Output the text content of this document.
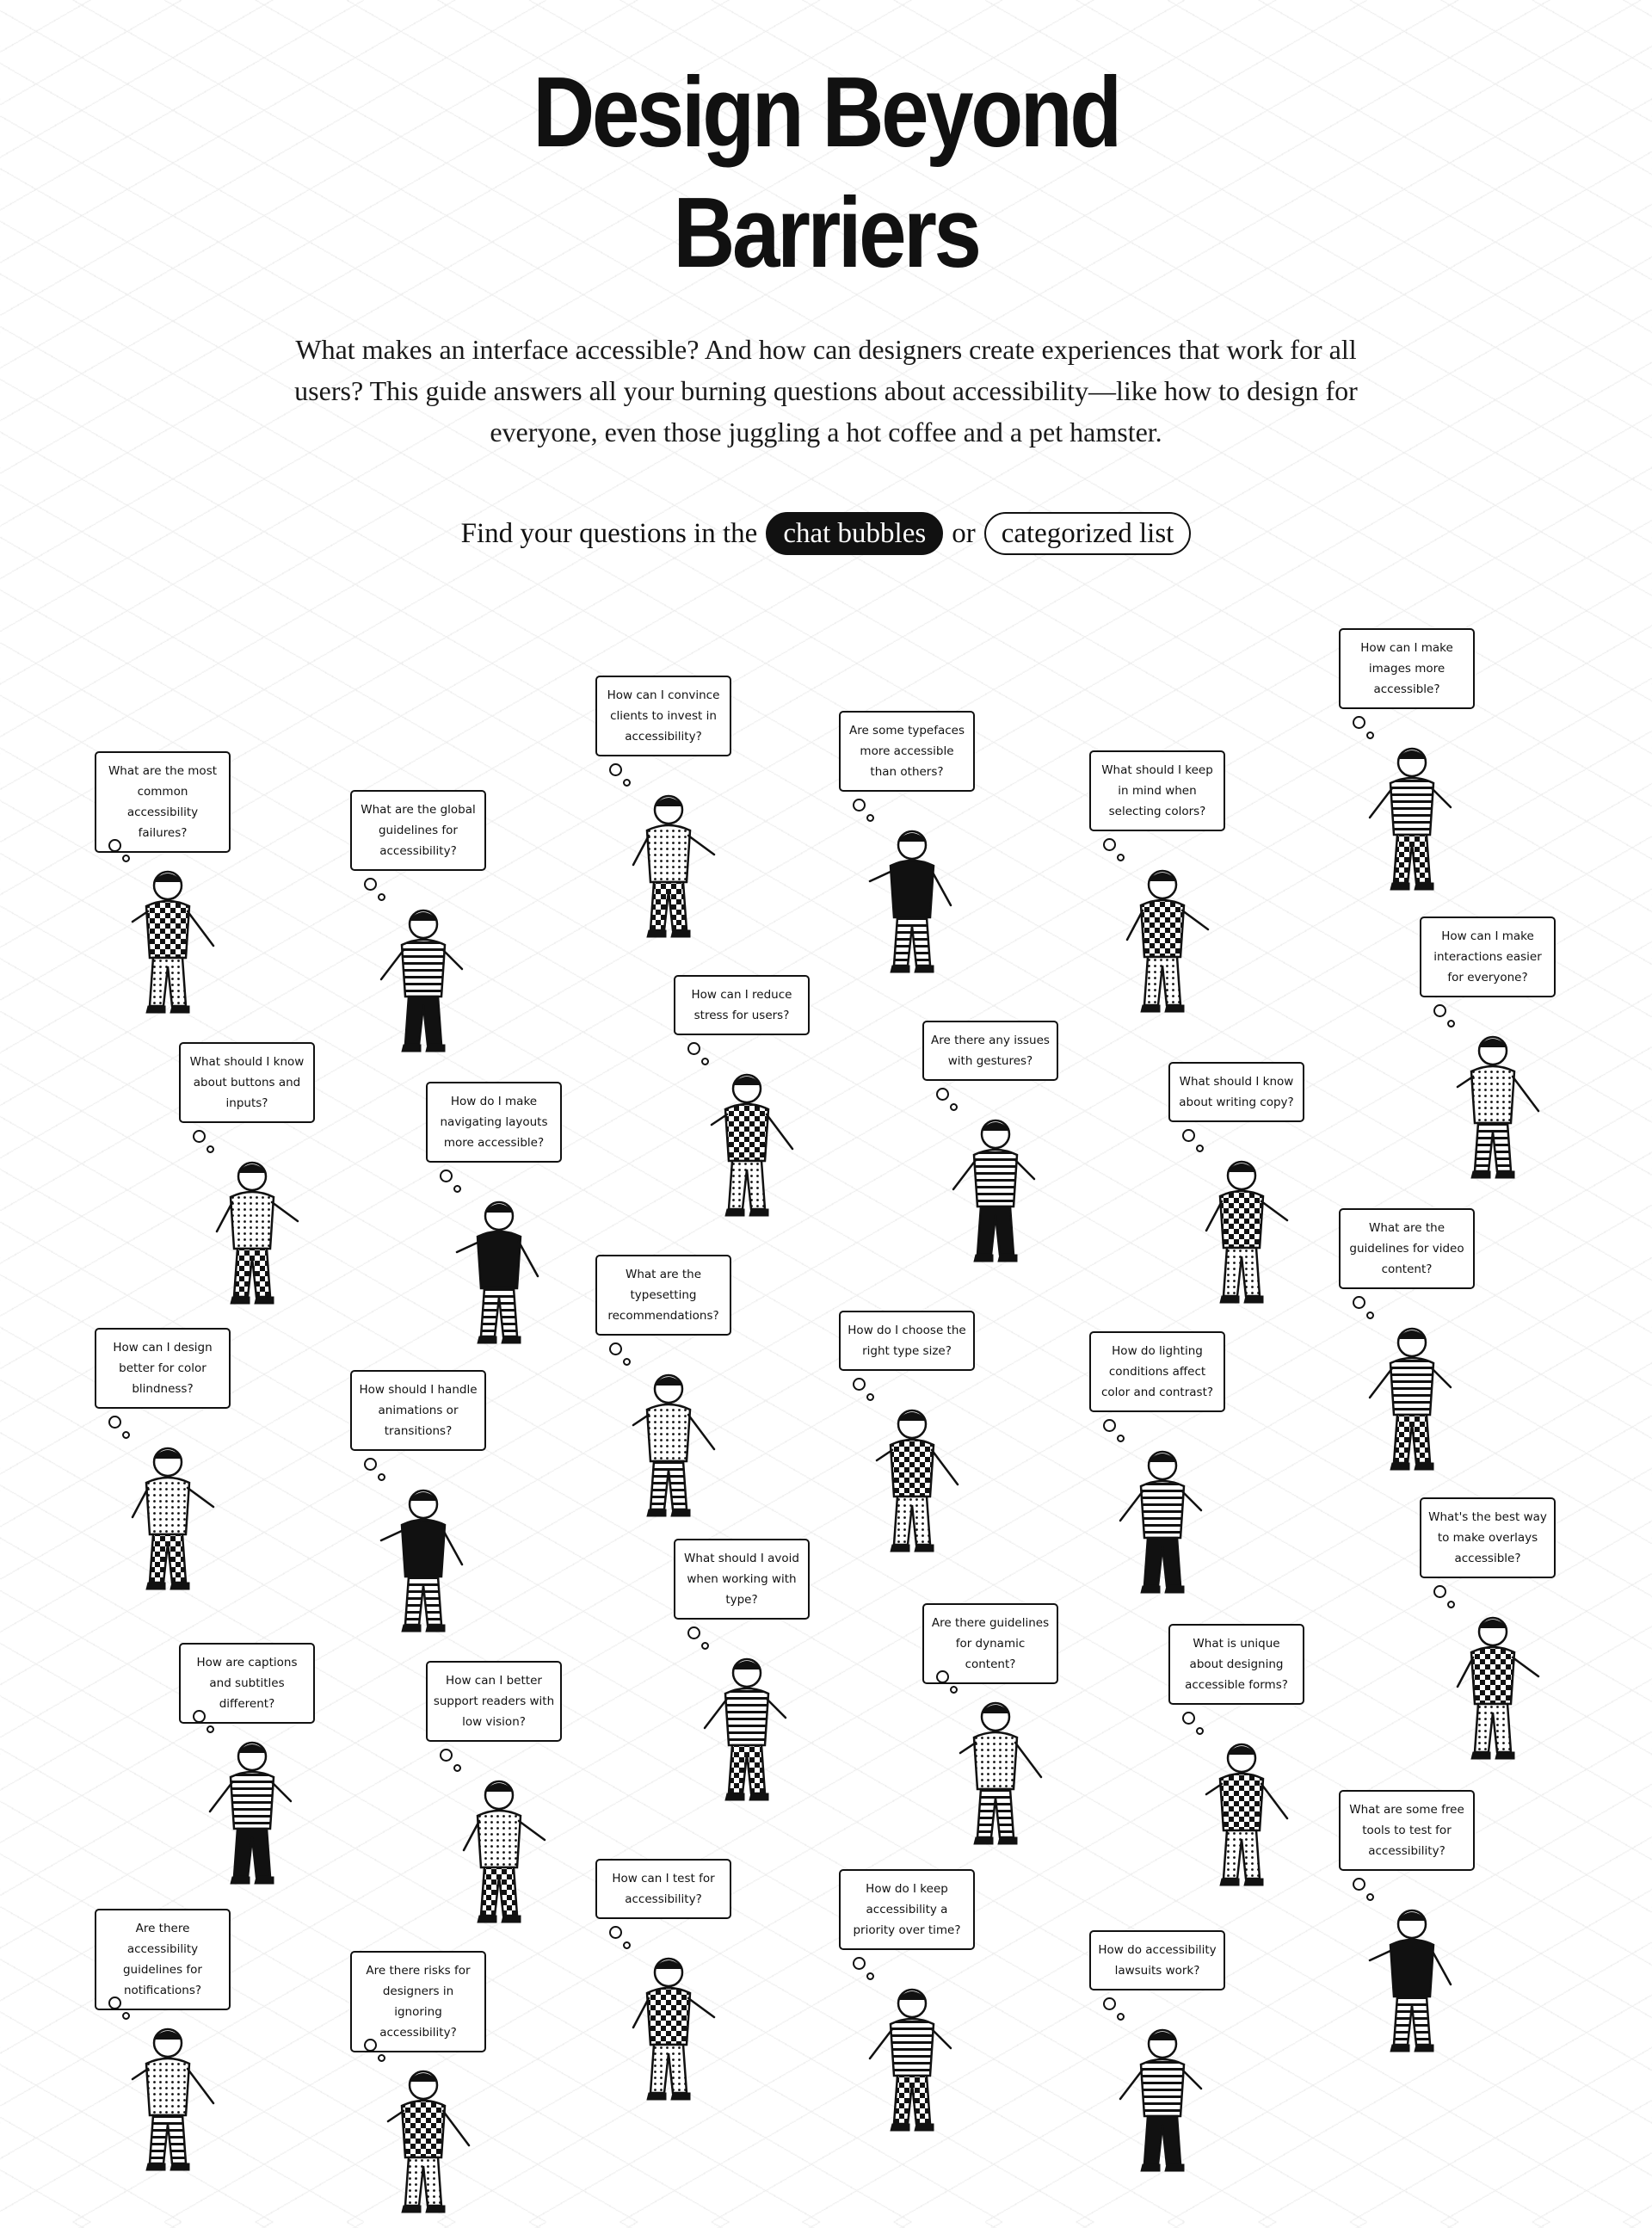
Design Beyond
Barriers

What makes an interface accessible? And how can designers create experiences that work for all users? This guide answers all your burning questions about accessibility—like how to design for everyone, even those juggling a hot coffee and a pet hamster.

Find your questions in the chat bubbles or categorized list
What are the most common accessibility failures?
What are the global guidelines for accessibility?
How can I convince clients to invest in accessibility?	Are some typefaces more accessible than others?	What should I keep in mind when selecting colors?
How can I make images more accessible?
How can I make interactions easier for everyone?
How can I reduce stress for users?
Are there any issues with gestures?
What should I know about buttons and inputs?	How do I make navigating layouts more accessible?
What should I know about writing copy?
What are the guidelines for video content?
What are the typesetting recommendations?
How do I choose the right type size?	How do lighting conditions affect color and contrast?
How can I design better for color blindness?	How should I handle animations or transitions?
What's the best way to make overlays accessible?
What should I avoid when working with type?
Are there guidelines for dynamic content?
What is unique about designing accessible forms?
How are captions and subtitles different?
How can I better support readers with low vision?
What are some free tools to test for accessibility?
How can I test for accessibility?
How do I keep accessibility a priority over time?
Are there accessibility guidelines for notifications?
Are there risks for designers in ignoring accessibility?
How do accessibility lawsuits work?
